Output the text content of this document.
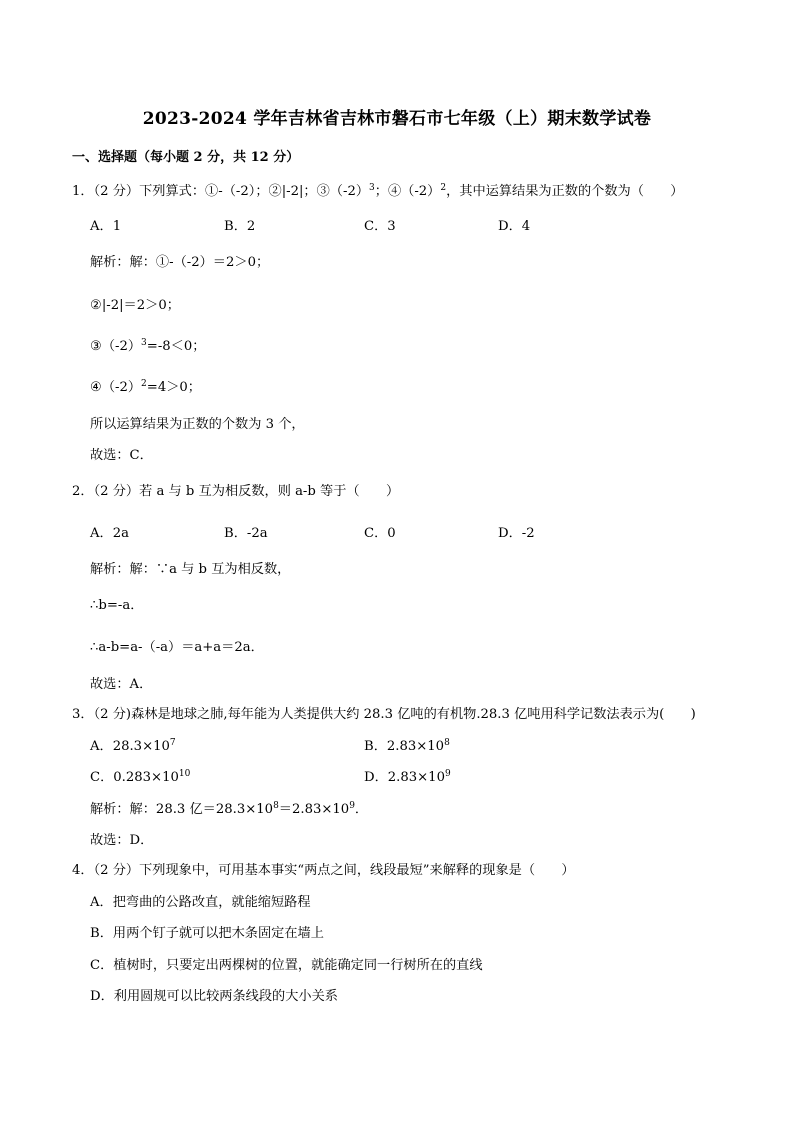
2023-2024 学年吉林省吉林市磐石市七年级（上）期末数学试卷
一、选择题（每小题 2 分，共 12 分）
1．（2 分）下列算式：①-（-2）；②|-2|；$③(-2)^3$；$④(-2)^2$，其中运算结果为正数的个数为（　　）
A．1	B．2	C．3	D．4
解析：解：①-（-2）＝2＞0；
②|-2|＝2＞0；
$③(-2)^3=-8<0$；
$④(-2)^2=4>0$；
所以运算结果为正数的个数为 3 个，
故选：C．
2．（2 分）若 a 与 b 互为相反数，则 a-b 等于（　　）
A．2a	B．-2a	C．0	D．-2
解析：解：∵a 与 b 互为相反数，
∴b=-a．
∴a-b=a-（-a）＝a+a＝2a．
故选：A．
3．（2 分)森林是地球之肺,每年能为人类提供大约 28.3 亿吨的有机物.28.3 亿吨用科学记数法表示为(　　)
A．$28.3\times 10^7$	B．$2.83\times 10^8$
C．$0.283\times 10^{10}$	D．$2.83\times 10^9$
解析：解：28.3 亿$=28.3\times 10^8=2.83\times 10^9$．
故选：D．
4．（2 分）下列现象中，可用基本事实“两点之间，线段最短”来解释的现象是（　　）
A．把弯曲的公路改直，就能缩短路程
B．用两个钉子就可以把木条固定在墙上
C．植树时，只要定出两棵树的位置，就能确定同一行树所在的直线
D．利用圆规可以比较两条线段的大小关系
